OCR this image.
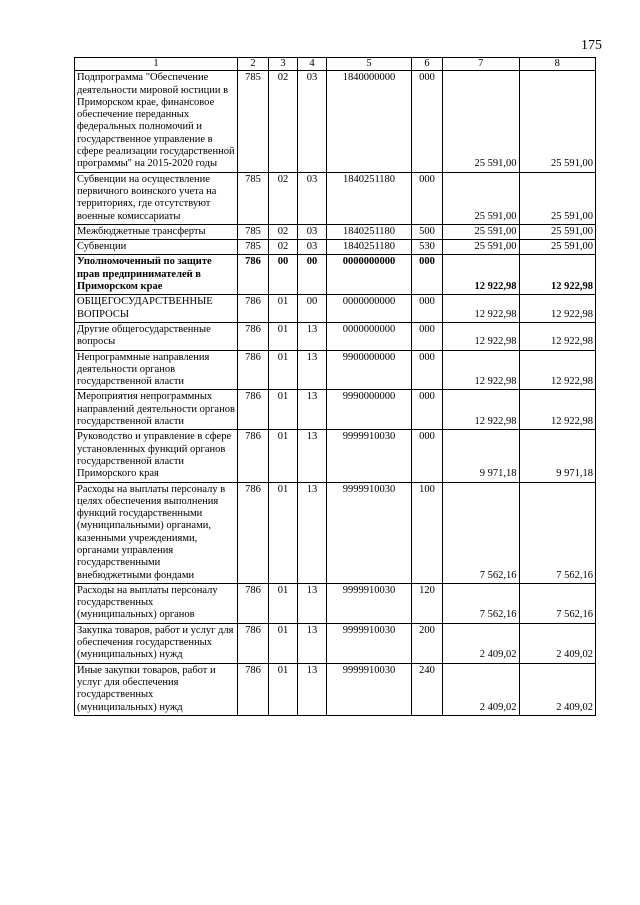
175
1	2	3	4	5	6	7	8
Подпрограмма "Обеспечение деятельности мировой юстиции в Приморском крае, финансовое обеспечение переданных федеральных полномочий и государственное управление в сфере реализации государственной программы" на 2015-2020 годы	785	02	03	1840000000	000	25 591,00	25 591,00
Субвенции на осуществление первичного воинского учета на территориях, где отсутствуют военные комиссариаты	785	02	03	1840251180	000	25 591,00	25 591,00
Межбюджетные трансферты	785	02	03	1840251180	500	25 591,00	25 591,00
Субвенции	785	02	03	1840251180	530	25 591,00	25 591,00
Уполномоченный по защите прав предпринимателей в Приморском крае	786	00	00	0000000000	000	12 922,98	12 922,98
ОБЩЕГОСУДАРСТВЕННЫЕ ВОПРОСЫ	786	01	00	0000000000	000	12 922,98	12 922,98
Другие общегосударственные вопросы	786	01	13	0000000000	000	12 922,98	12 922,98
Непрограммные направления деятельности органов государственной власти	786	01	13	9900000000	000	12 922,98	12 922,98
Мероприятия непрограммных направлений деятельности органов государственной власти	786	01	13	9990000000	000	12 922,98	12 922,98
Руководство и управление в сфере установленных функций органов государственной власти Приморского края	786	01	13	9999910030	000	9 971,18	9 971,18
Расходы на выплаты персоналу в целях обеспечения выполнения функций государственными (муниципальными) органами, казенными учреждениями, органами управления государственными внебюджетными фондами	786	01	13	9999910030	100	7 562,16	7 562,16
Расходы на выплаты персоналу государственных (муниципальных) органов	786	01	13	9999910030	120	7 562,16	7 562,16
Закупка товаров, работ и услуг для обеспечения государственных (муниципальных) нужд	786	01	13	9999910030	200	2 409,02	2 409,02
Иные закупки товаров, работ и услуг для обеспечения государственных (муниципальных) нужд	786	01	13	9999910030	240	2 409,02	2 409,02
